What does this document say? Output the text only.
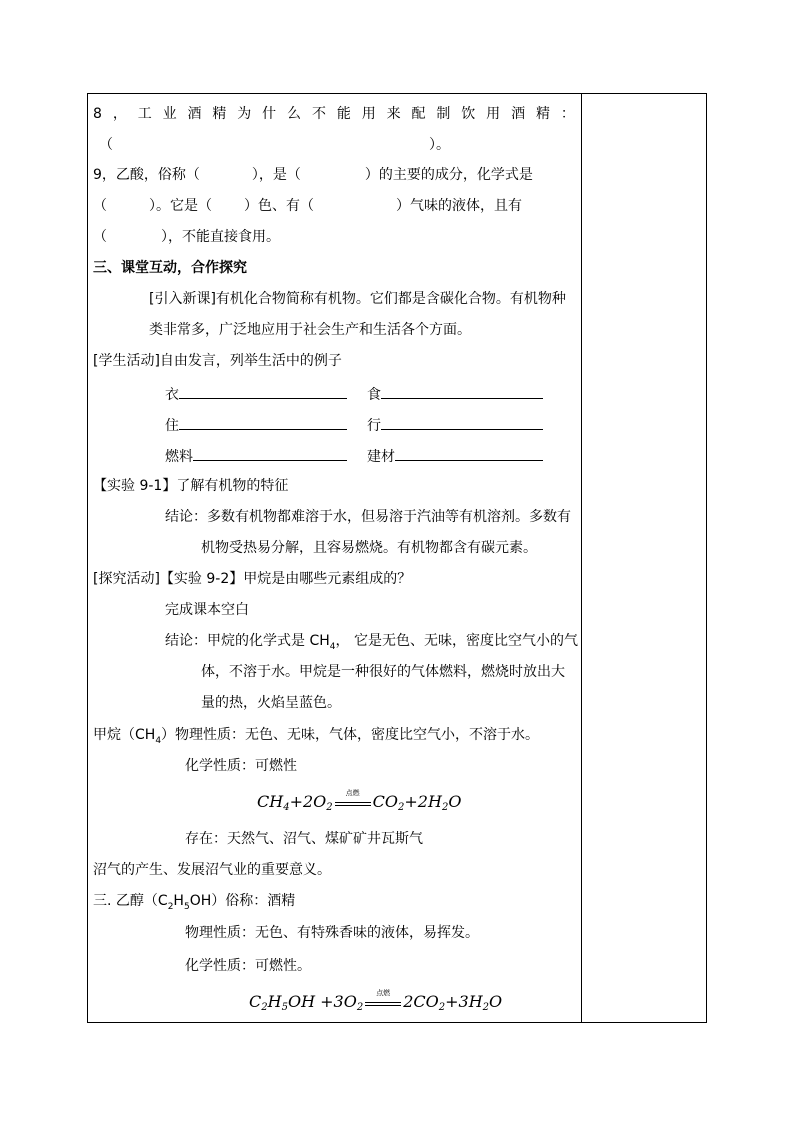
8 ， 工 业 酒 精 为 什 么 不 能 用 来 配 制 饮 用 酒 精 ：
（	）。
9，乙酸，俗称（	），是（	）的主要的成分，化学式是
（	）。它是（ ）色、有（	）气味的液体，且有
（	），不能直接食用。
三、课堂互动，合作探究
[引入新课]有机化合物简称有机物。它们都是含碳化合物。有机物种
类非常多，广泛地应用于社会生产和生活各个方面。
[学生活动]自由发言，列举生活中的例子
衣	食
住	行
燃料	建材
【实验 9-1】了解有机物的特征
结论：多数有机物都难溶于水，但易溶于汽油等有机溶剂。多数有
机物受热易分解，且容易燃烧。有机物都含有碳元素。
[探究活动]【实验 9-2】甲烷是由哪些元素组成的？
完成课本空白
结论：甲烷的化学式是 $CH_4$， 它是无色、无味，密度比空气小的气
体，不溶于水。甲烷是一种很好的气体燃料，燃烧时放出大
量的热，火焰呈蓝色。
甲烷$(CH_4)$物理性质：无色、无味，气体，密度比空气小，不溶于水。
化学性质：可燃性
$CH_4+2O_2$
点燃 $CO_2+2H_2O$
存在：天然气、沼气、煤矿矿井瓦斯气
沼气的产生、发展沼气业的重要意义。
三. 乙醇$(C_2H_5OH)$俗称：酒精
物理性质：无色、有特殊香味的液体，易挥发。
化学性质：可燃性。
$C_2H_5OH +3O_2$
点燃 $2CO_2+3H_2O$
